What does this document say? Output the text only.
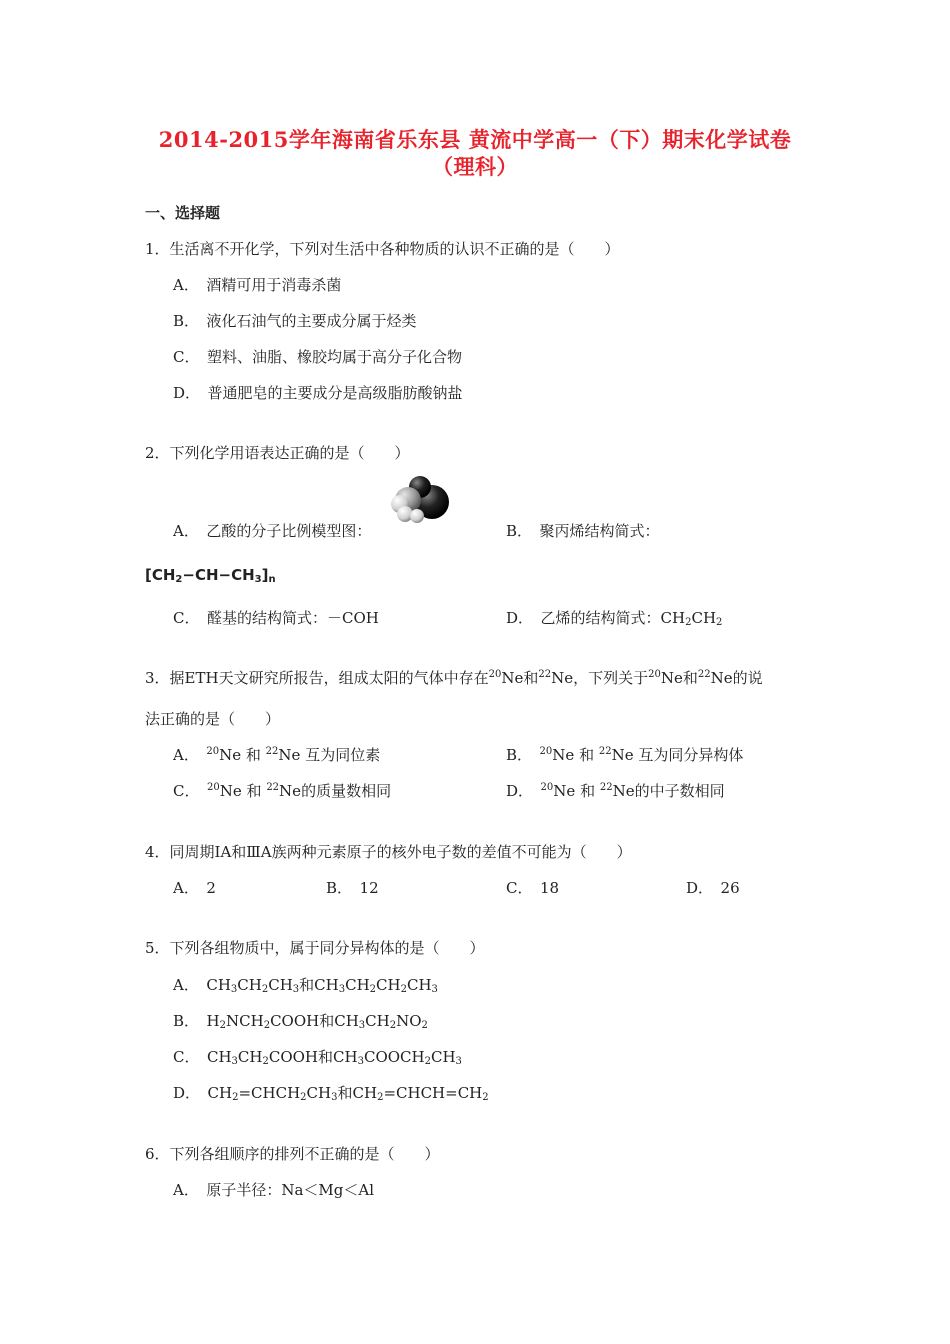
2014-2015学年海南省乐东县 黄流中学高一（下）期末化学试卷
（理科）
一、选择题
1．生活离不开化学，下列对生活中各种物质的认识不正确的是（　　）
A．　酒精可用于消毒杀菌
B．　液化石油气的主要成分属于烃类
C．　塑料、油脂、橡胶均属于高分子化合物
D．　普通肥皂的主要成分是高级脂肪酸钠盐
2．下列化学用语表达正确的是（　　）
A．　乙酸的分子比例模型图：	B．　聚丙烯结构简式：
$[CH_2-CH-CH_3]_n$
C．　醛基的结构简式：－COH	D．　乙烯的结构简式：$CH_2CH_2$
3．据ETH天文研究所报告，组成太阳的气体中存在$^{20}$Ne和$^{22}$Ne，下列关于$^{20}$Ne和$^{22}$Ne的说
法正确的是（　　）
A．　$^{20}$Ne 和 $^{22}$Ne 互为同位素	B．　$^{20}$Ne 和 $^{22}$Ne 互为同分异构体
C．　$^{20}$Ne 和 $^{22}$Ne的质量数相同	D．　$^{20}$Ne 和 $^{22}$Ne的中子数相同
4．同周期ⅠA和ⅢA族两种元素原子的核外电子数的差值不可能为（　　）
A．　2	B．　12	C．　18	D．　26
5．下列各组物质中，属于同分异构体的是（　　）
A．　$CH_3CH_2CH_3$和$CH_3CH_2CH_2CH_3$
B．　$H_2NCH_2COOH$和$CH_3CH_2NO_2$
C．　$CH_3CH_2COOH$和$CH_3COOCH_2CH_3$
D．　$CH_2=CHCH_2CH_3$和$CH_2=CHCH=CH_2$
6．下列各组顺序的排列不正确的是（　　）
A．　原子半径：Na＜Mg＜Al
